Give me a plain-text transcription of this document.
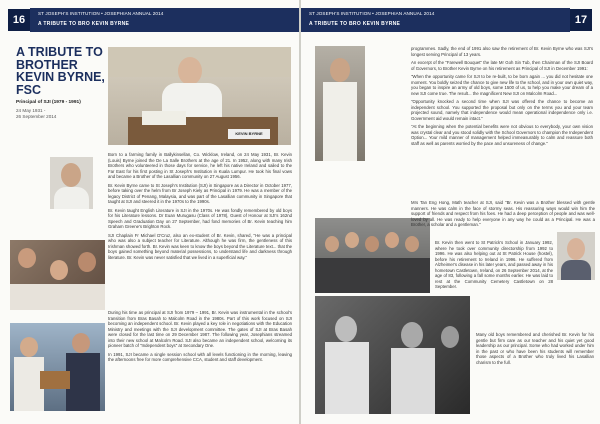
16
ST JOSEPH'S INSTITUTION • JOSEPHIAN ANNUAL 2014
A TRIBUTE TO BRO KEVIN BYRNE
A TRIBUTE TO
BROTHER
KEVIN BYRNE,
FSC
Principal of SJI (1979 - 1991)
24 May 1931 -
26 September 2014
KEVIN BYRNE

Born to a farming family in Ballykinsellan, Co. Wicklow, Ireland, on 24 May 1931, Br. Kevin (Louis) Byrne joined the De La Salle Brothers at the age of 21. In 1952, along with many Irish Brothers who volunteered in those days for service, he left his native Ireland and sailed to the Far East for his first posting in St Joseph's Institution in Kuala Lumpur. He took his final vows and became a Brother of the Lasallian community on 27 August 1956.

Br. Kevin Byrne came to St Joseph's Institution (SJI) in Singapore as a Director in October 1977, before taking over the helm from Br Joseph Kiely as Principal in 1979. He was a member of the legacy District of Penang, Malaysia, and was part of the Lasallian community in Singapore that taught at SJI and steered it in the 1970s to the 1990s.

Br. Kevin taught English Literature in SJI in the 1970s. He was fondly remembered by old boys for his Literature lessons. Dr Euan Murugasu (Class of 1978), Guest of Honour at SJI's 162nd Speech and Graduation Day on 27 September, had fond memories of Br. Kevin teaching him Graham Greene's Brighton Rock.

SJI Chaplain Fr Michael D'Cruz, also an ex-student of Br. Kevin, shared, "He was a principal who was also a subject teacher for Literature. Although he was firm, the gentleness of this Irishman showed forth. Br. Kevin was keen to know the boys beyond the Literature text... that the boys gained something beyond material possessions, to understand life and darkness through literature. Br. Kevin was never satisfied that we lived in a superficial way."

During his time as principal at SJI from 1979 – 1991, Br. Kevin was instrumental in the school's transition from Bras Basah to Malcolm Road in the 1980s. Part of this work focused on SJI becoming an independent school. Br. Kevin played a key role in negotiations with the Education Ministry and meetings with the SJI development committee. The gates of SJI at Bras Basah were closed for the last time on 29 December 1987. The following year, Josephians streamed into their new school at Malcolm Road. SJI also became an independent school, welcoming its pioneer batch of "Independent boys" at Secondary One.

In 1991, SJI became a single session school with all levels functioning in the morning, leaving the afternoons free for more comprehensive CCA, student and staff development.

ST JOSEPH'S INSTITUTION • JOSEPHIAN ANNUAL 2014
A TRIBUTE TO BRO KEVIN BYRNE	17

programmes. Sadly, the end of 1991 also saw the retirement of Br. Kevin Byrne who was SJI's longest serving Principal of 13 years.

An excerpt of the "Farewell Bouquet" the late Mr Goh Sin Tub, then Chairman of the SJI Board of Governors, to Brother Kevin Byrne on his retirement as Principal of SJI in December 1991:

"When the opportunity came for SJI to be re-built, to be born again ... you did not hesitate one moment. You boldly seized the chance to give new life to the school, and in your own quiet way, you began to inspire an army of old boys, some 1500 of us, to help you make your dream of a new SJI come true. The result... the magnificent New SJI on Malcolm Road...

"Opportunity knocked a second time when SJI was offered the chance to become an independent school. You supported the proposal but only on the terms you and your team projected sound, namely that independence would mean operational independence only i.e. Government aid would remain intact."

"At the beginning when the potential benefits were not obvious to everybody, your own vision was crystal clear and you stood solidly with the School Governors to champion the Independent Option... Your mild manner of management helped immeasurably to calm and reassure both staff as well as parents worried by the pace and unsureness of change."

Mrs Tan Eng Hong, Math teacher at SJI, said "Br. Kevin was a Brother blessed with gentle manners. He was calm in the face of stormy seas. His reassuring ways would win him the support of friends and respect from his foes. He had a deep perception of people and was well-loved by all. He was ready to help everyone in any way he could as a Principal. He was a Brother, a scholar and a gentleman."

Br. Kevin then went to St Patrick's School in January 1992, where he took over community directorship from 1992 to 1996. He was also helping out at St Patrick House (hostel), before his retirement to Ireland in 1996. He suffered from Alzheimer's disease in his later years, and passed away in his hometown Castletown, Ireland, on 26 September 2014, at the age of 83, following a fall some months earlier. He was laid to rest at the Community Cemetery Castletown on 28 September.

Many old boys remembered and cherished Br. Kevin for his gentle but firm care as our teacher and his quiet yet good leadership as our principal. Some who had worked under him in the past or who have been his students will remember those aspects of a Brother who truly lived his Lasallian charism to the full.
